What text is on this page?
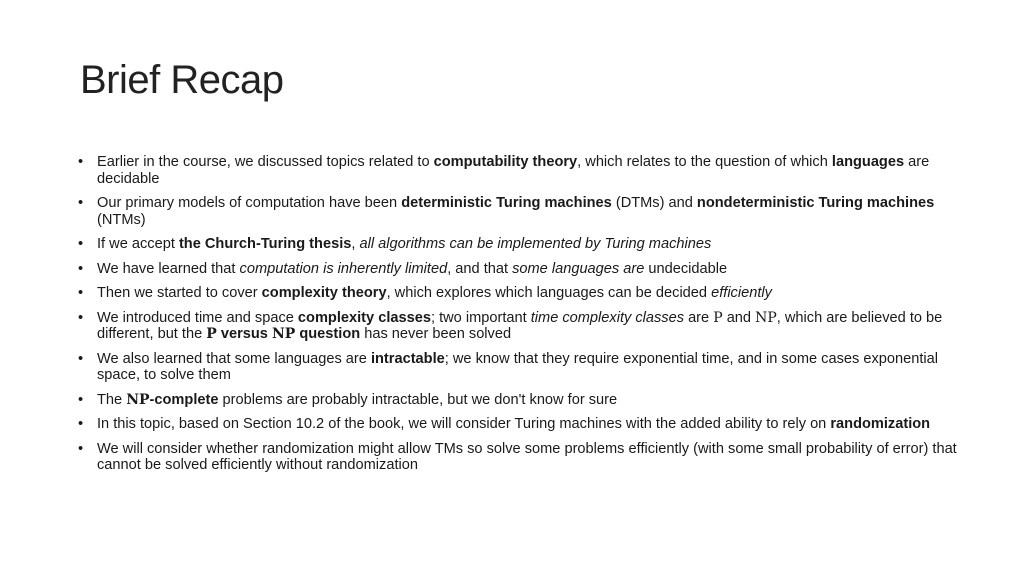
Brief Recap
• Earlier in the course, we discussed topics related to computability theory, which relates to the question of which languages are decidable
• Our primary models of computation have been deterministic Turing machines (DTMs) and nondeterministic Turing machines (NTMs)
• If we accept the Church-Turing thesis, all algorithms can be implemented by Turing machines
• We have learned that computation is inherently limited, and that some languages are undecidable
• Then we started to cover complexity theory, which explores which languages can be decided efficiently
• We introduced time and space complexity classes; two important time complexity classes are P and NP, which are believed to be different, but the P versus NP question has never been solved
• We also learned that some languages are intractable; we know that they require exponential time, and in some cases exponential space, to solve them
• The NP-complete problems are probably intractable, but we don't know for sure
• In this topic, based on Section 10.2 of the book, we will consider Turing machines with the added ability to rely on randomization
• We will consider whether randomization might allow TMs so solve some problems efficiently (with some small probability of error) that cannot be solved efficiently without randomization
